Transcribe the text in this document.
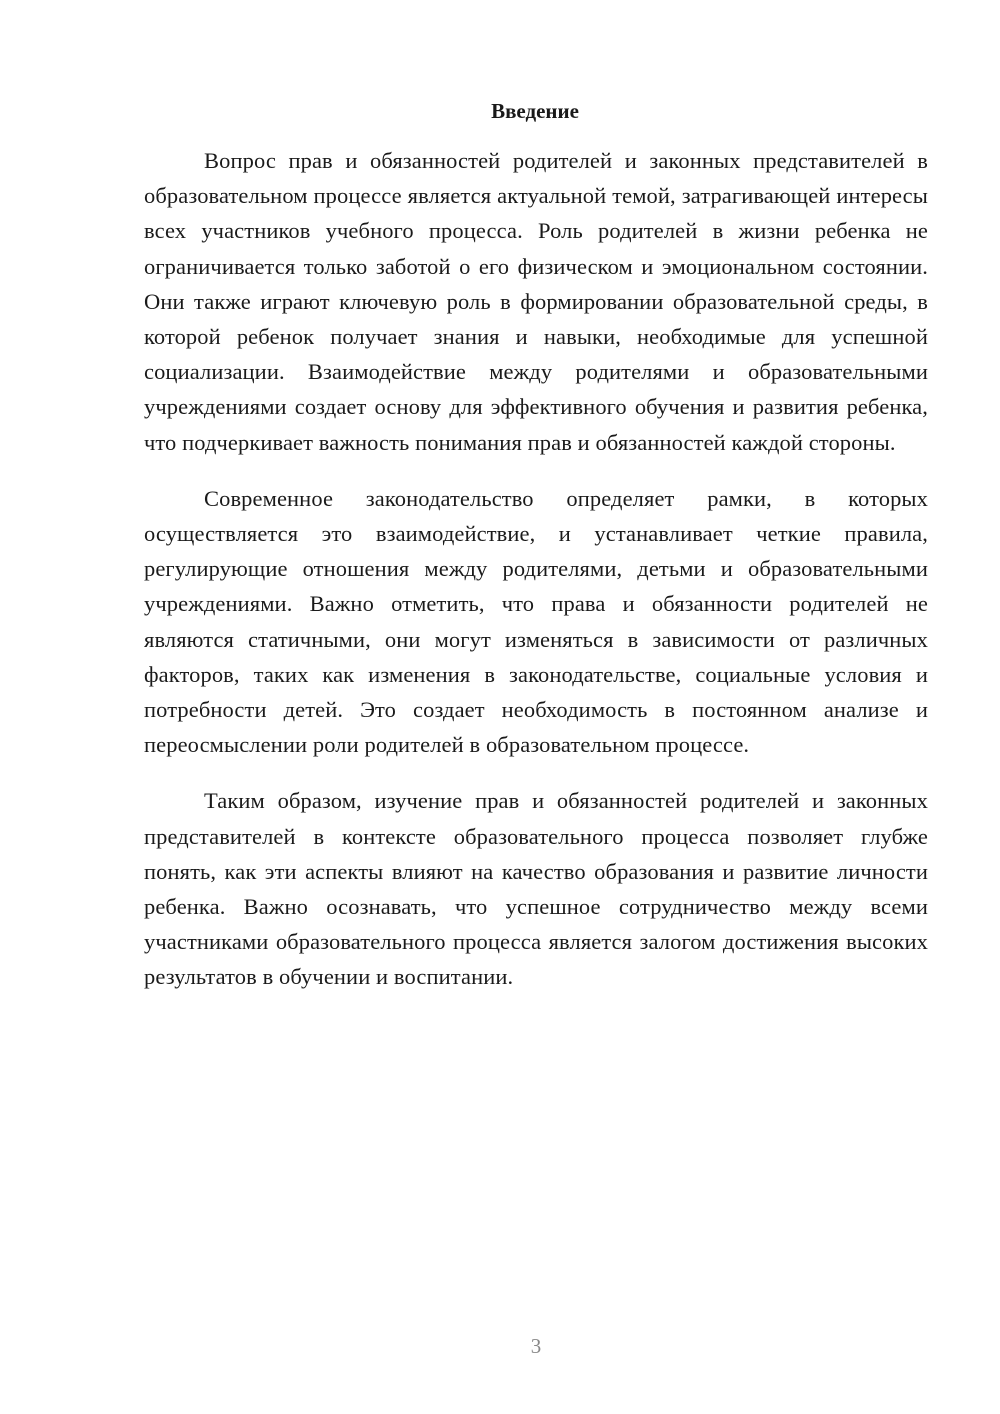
Введение

Вопрос прав и обязанностей родителей и законных представителей в образовательном процессе является актуальной темой, затрагивающей интересы всех участников учебного процесса. Роль родителей в жизни ребенка не ограничивается только заботой о его физическом и эмоциональном состоянии. Они также играют ключевую роль в формировании образовательной среды, в которой ребенок получает знания и навыки, необходимые для успешной социализации. Взаимодействие между родителями и образовательными учреждениями создает основу для эффективного обучения и развития ребенка, что подчеркивает важность понимания прав и обязанностей каждой стороны.

Современное законодательство определяет рамки, в которых осуществляется это взаимодействие, и устанавливает четкие правила, регулирующие отношения между родителями, детьми и образовательными учреждениями. Важно отметить, что права и обязанности родителей не являются статичными, они могут изменяться в зависимости от различных факторов, таких как изменения в законодательстве, социальные условия и потребности детей. Это создает необходимость в постоянном анализе и переосмыслении роли родителей в образовательном процессе.

Таким образом, изучение прав и обязанностей родителей и законных представителей в контексте образовательного процесса позволяет глубже понять, как эти аспекты влияют на качество образования и развитие личности ребенка. Важно осознавать, что успешное сотрудничество между всеми участниками образовательного процесса является залогом достижения высоких результатов в обучении и воспитании.

3
